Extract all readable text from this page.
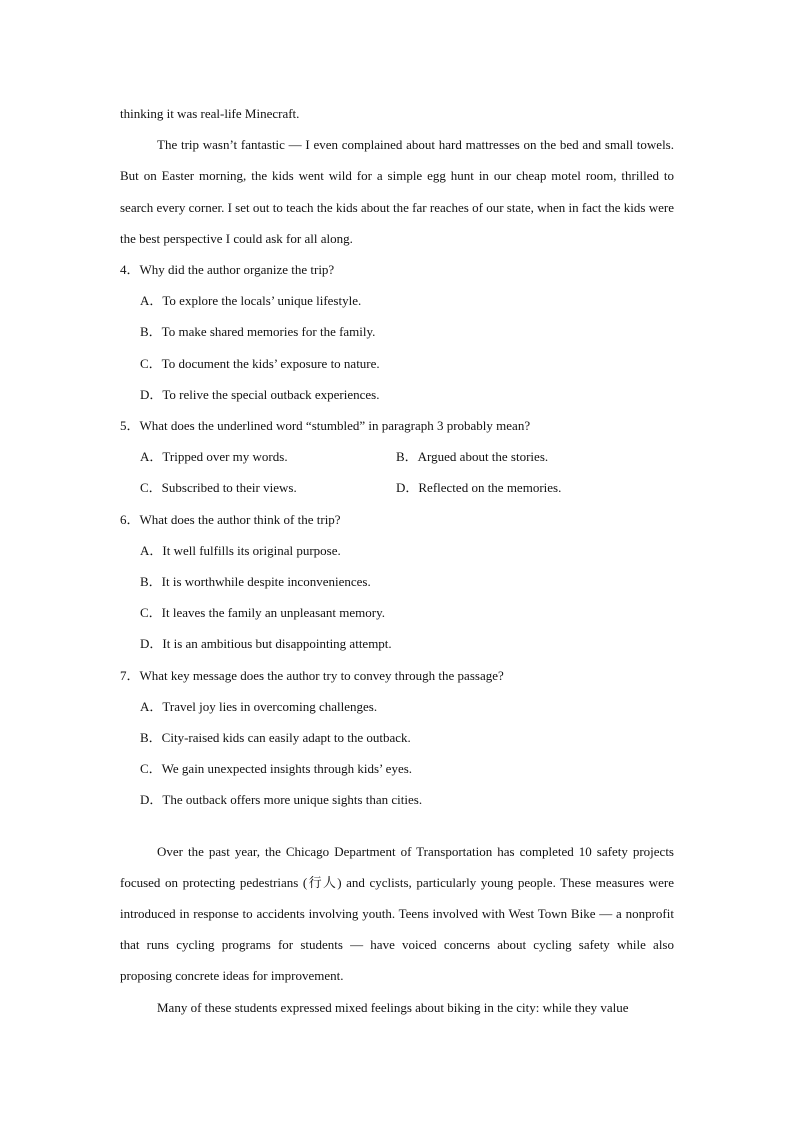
thinking it was real-life Minecraft.

The trip wasn’t fantastic — I even complained about hard mattresses on the bed and small towels. But on Easter morning, the kids went wild for a simple egg hunt in our cheap motel room, thrilled to search every corner. I set out to teach the kids about the far reaches of our state, when in fact the kids were the best perspective I could ask for all along.

4．Why did the author organize the trip?

A．To explore the locals’ unique lifestyle.

B．To make shared memories for the family.

C．To document the kids’ exposure to nature.

D．To relive the special outback experiences.

5．What does the underlined word “stumbled” in paragraph 3 probably mean?

A．Tripped over my words.	B．Argued about the stories.
C．Subscribed to their views.	D．Reflected on the memories.

6．What does the author think of the trip?

A．It well fulfills its original purpose.

B．It is worthwhile despite inconveniences.

C．It leaves the family an unpleasant memory.

D．It is an ambitious but disappointing attempt.

7．What key message does the author try to convey through the passage?

A．Travel joy lies in overcoming challenges.

B．City-raised kids can easily adapt to the outback.

C．We gain unexpected insights through kids’ eyes.

D．The outback offers more unique sights than cities.

Over the past year, the Chicago Department of Transportation has completed 10 safety projects focused on protecting pedestrians (行人) and cyclists, particularly young people. These measures were introduced in response to accidents involving youth. Teens involved with West Town Bike — a nonprofit that runs cycling programs for students — have voiced concerns about cycling safety while also proposing concrete ideas for improvement.

Many of these students expressed mixed feelings about biking in the city: while they value
